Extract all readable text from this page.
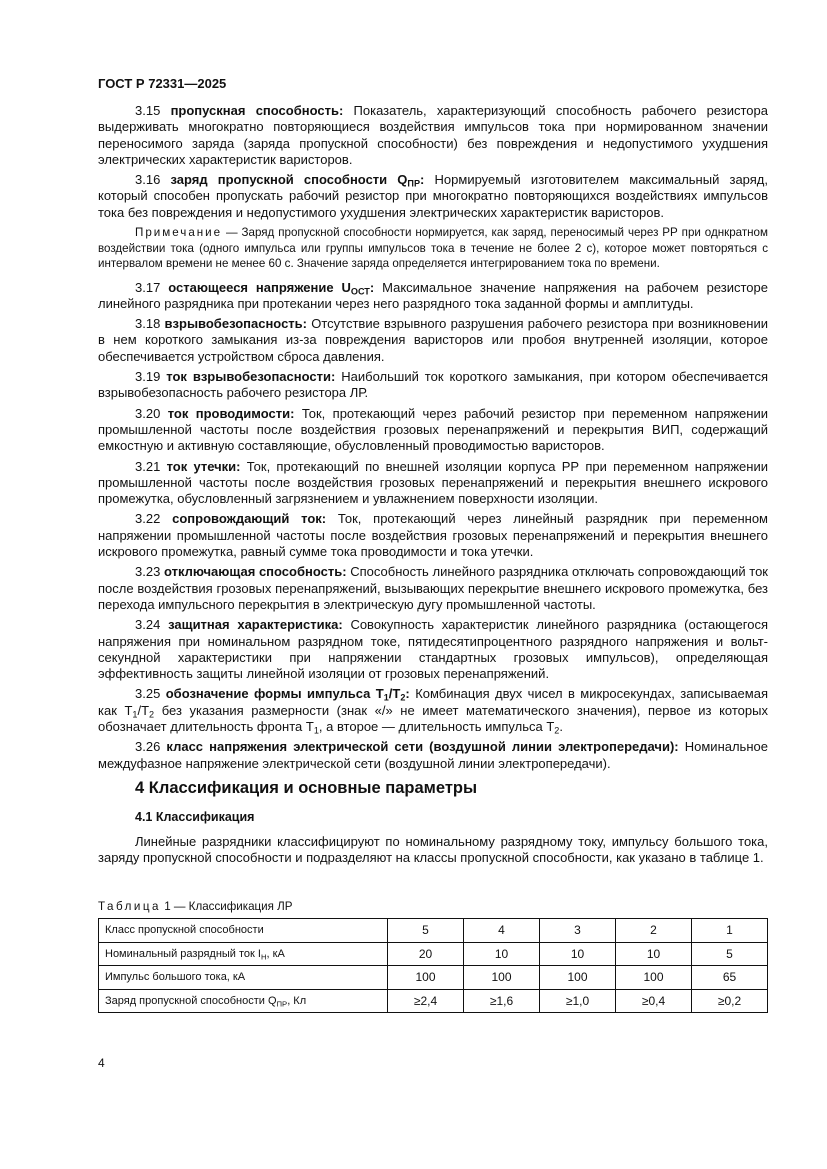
ГОСТ Р 72331—2025

3.15 пропускная способность: Показатель, характеризующий способность рабочего резистора выдерживать многократно повторяющиеся воздействия импульсов тока при нормированном значении переносимого заряда (заряда пропускной способности) без повреждения и недопустимого ухудшения электрических характеристик варисторов.

3.16 заряд пропускной способности $Q_{ПР}$: Нормируемый изготовителем максимальный заряд, который способен пропускать рабочий резистор при многократно повторяющихся воздействиях импульсов тока без повреждения и недопустимого ухудшения электрических характеристик варисторов.

Примечание — Заряд пропускной способности нормируется, как заряд, переносимый через РР при однкратном воздействии тока (одного импульса или группы импульсов тока в течение не более 2 с), которое может повторяться с интервалом времени не менее 60 с. Значение заряда определяется интегрированием тока по времени.

3.17 остающееся напряжение $U_{ОСТ}$: Максимальное значение напряжения на рабочем резисторе линейного разрядника при протекании через него разрядного тока заданной формы и амплитуды.

3.18 взрывобезопасность: Отсутствие взрывного разрушения рабочего резистора при возникновении в нем короткого замыкания из-за повреждения варисторов или пробоя внутренней изоляции, которое обеспечивается устройством сброса давления.

3.19 ток взрывобезопасности: Наибольший ток короткого замыкания, при котором обеспечивается взрывобезопасность рабочего резистора ЛР.

3.20 ток проводимости: Ток, протекающий через рабочий резистор при переменном напряжении промышленной частоты после воздействия грозовых перенапряжений и перекрытия ВИП, содержащий емкостную и активную составляющие, обусловленный проводимостью варисторов.

3.21 ток утечки: Ток, протекающий по внешней изоляции корпуса РР при переменном напряжении промышленной частоты после воздействия грозовых перенапряжений и перекрытия внешнего искрового промежутка, обусловленный загрязнением и увлажнением поверхности изоляции.

3.22 сопровождающий ток: Ток, протекающий через линейный разрядник при переменном напряжении промышленной частоты после воздействия грозовых перенапряжений и перекрытия внешнего искрового промежутка, равный сумме тока проводимости и тока утечки.

3.23 отключающая способность: Способность линейного разрядника отключать сопровождающий ток после воздействия грозовых перенапряжений, вызывающих перекрытие внешнего искрового промежутка, без перехода импульсного перекрытия в электрическую дугу промышленной частоты.

3.24 защитная характеристика: Совокупность характеристик линейного разрядника (остающегося напряжения при номинальном разрядном токе, пятидесятипроцентного разрядного напряжения и вольт-секундной характеристики при напряжении стандартных грозовых импульсов), определяющая эффективность защиты линейной изоляции от грозовых перенапряжений.

3.25 обозначение формы импульса $T_1/T_2$: Комбинация двух чисел в микросекундах, записываемая как $T_1/T_2$ без указания размерности (знак «/» не имеет математического значения), первое из которых обозначает длительность фронта $T_1$, а второе — длительность импульса $T_2$.

3.26 класс напряжения электрической сети (воздушной линии электропередачи): Номинальное междуфазное напряжение электрической сети (воздушной линии электропередачи).

4 Классификация и основные параметры
4.1 Классификация

Линейные разрядники классифицируют по номинальному разрядному току, импульсу большого тока, заряду пропускной способности и подразделяют на классы пропускной способности, как указано в таблице 1.

Таблица 1 — Классификация ЛР
Класс пропускной способности	5	4	3	2	1
Номинальный разрядный ток $I_Н$, кА	20	10	10	10	5
Импульс большого тока, кА	100	100	100	100	65
Заряд пропускной способности $Q_{ПР}$, Кл	≥2,4	≥1,6	≥1,0	≥0,4	≥0,2
4
